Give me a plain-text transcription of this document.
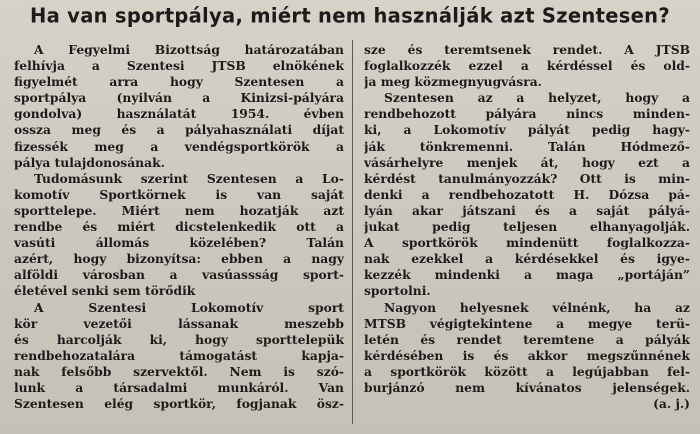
Ha van sportpálya, miért nem használják azt Szentesen?
A Fegyelmi Bizottság határozatában
felhívja a Szentesi JTSB elnökének
figyelmét arra hogy Szentesen a
sportpálya (nyilván a Kinizsi-pályára
gondolva) használatát 1954. évben
ossza meg és a pályahasználati díjat
fizessék meg a vendégsportkörök a
pálya tulajdonosának.
Tudomásunk szerint Szentesen a Lo-
komotív Sportkörnek is van saját
sporttelepe. Miért nem hozatják azt
rendbe és miért dicstelenkedik ott a
vasúti állomás közelében? Talán
azért, hogy bizonyítsa: ebben a nagy
alföldi városban a vasúassság sport-
életével senki sem törődik
A Szentesi Lokomotív sport
kör vezetői lássanak meszebb
és harcolják ki, hogy sporttelepük
rendbehozatalára támogatást kapja-
nak felsőbb szervektől. Nem is szó-
lunk a társadalmi munkáról. Van
Szentesen elég sportkör, fogjanak ösz-
sze és teremtsenek rendet. A JTSB
foglalkozzék ezzel a kérdéssel és old-
ja meg közmegnyugvásra.
Szentesen az a helyzet, hogy a
rendbehozott pályára nincs minden-
ki, a Lokomotív pályát pedig hagy-
ják tönkremenni. Talán Hódmező-
vásárhelyre menjek át, hogy ezt a
kérdést tanulmányozzák? Ott is min-
denki a rendbehozatott H. Dózsa pá-
lyán akar játszani és a saját pályá-
jukat pedig teljesen elhanyagolják.
A sportkörök mindenütt foglalkozza-
nak ezekkel a kérdésekkel és igye-
kezzék mindenki a maga „portáján”
sportolni.
Nagyon helyesnek vélnénk, ha az
MTSB végigtekintene a megye terü-
letén és rendet teremtene a pályák
kérdésében is és akkor megszűnnének
a sportkörök között a legújabban fel-
burjánzó nem kívánatos jelenségek.
(a. j.)
